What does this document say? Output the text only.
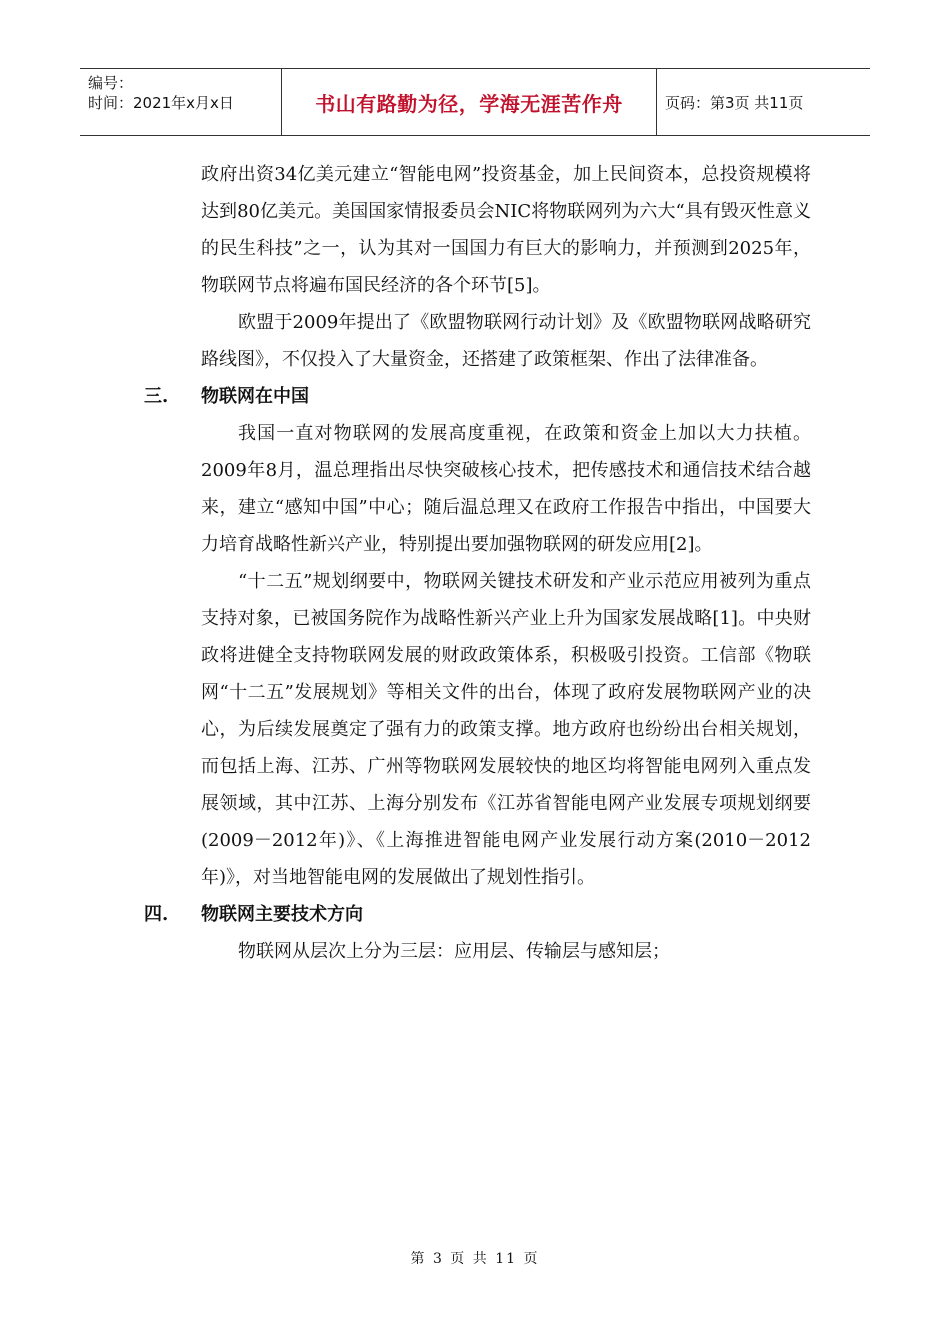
编号：
时间：2021年x月x日	书山有路勤为径，学海无涯苦作舟	页码：第3页 共11页

政府出资34亿美元建立“智能电网”投资基金，加上民间资本，总投资规模将达到80亿美元。美国国家情报委员会NIC将物联网列为六大“具有毁灭性意义的民生科技”之一，认为其对一国国力有巨大的影响力，并预测到2025年，物联网节点将遍布国民经济的各个环节[5]。

欧盟于2009年提出了《欧盟物联网行动计划》及《欧盟物联网战略研究路线图》，不仅投入了大量资金，还搭建了政策框架、作出了法律准备。

三. 物联网在中国

我国一直对物联网的发展高度重视，在政策和资金上加以大力扶植。2009年8月，温总理指出尽快突破核心技术，把传感技术和通信技术结合越来，建立“感知中国”中心；随后温总理又在政府工作报告中指出，中国要大力培育战略性新兴产业，特别提出要加强物联网的研发应用[2]。

“十二五”规划纲要中，物联网关键技术研发和产业示范应用被列为重点支持对象，已被国务院作为战略性新兴产业上升为国家发展战略[1]。中央财政将进健全支持物联网发展的财政政策体系，积极吸引投资。工信部《物联网“十二五”发展规划》等相关文件的出台，体现了政府发展物联网产业的决心，为后续发展奠定了强有力的政策支撑。地方政府也纷纷出台相关规划，而包括上海、江苏、广州等物联网发展较快的地区均将智能电网列入重点发展领域，其中江苏、上海分别发布《江苏省智能电网产业发展专项规划纲要(2009－2012年)》、《上海推进智能电网产业发展行动方案(2010－2012年)》，对当地智能电网的发展做出了规划性指引。

四. 物联网主要技术方向

物联网从层次上分为三层：应用层、传输层与感知层；

第 3 页 共 11 页
